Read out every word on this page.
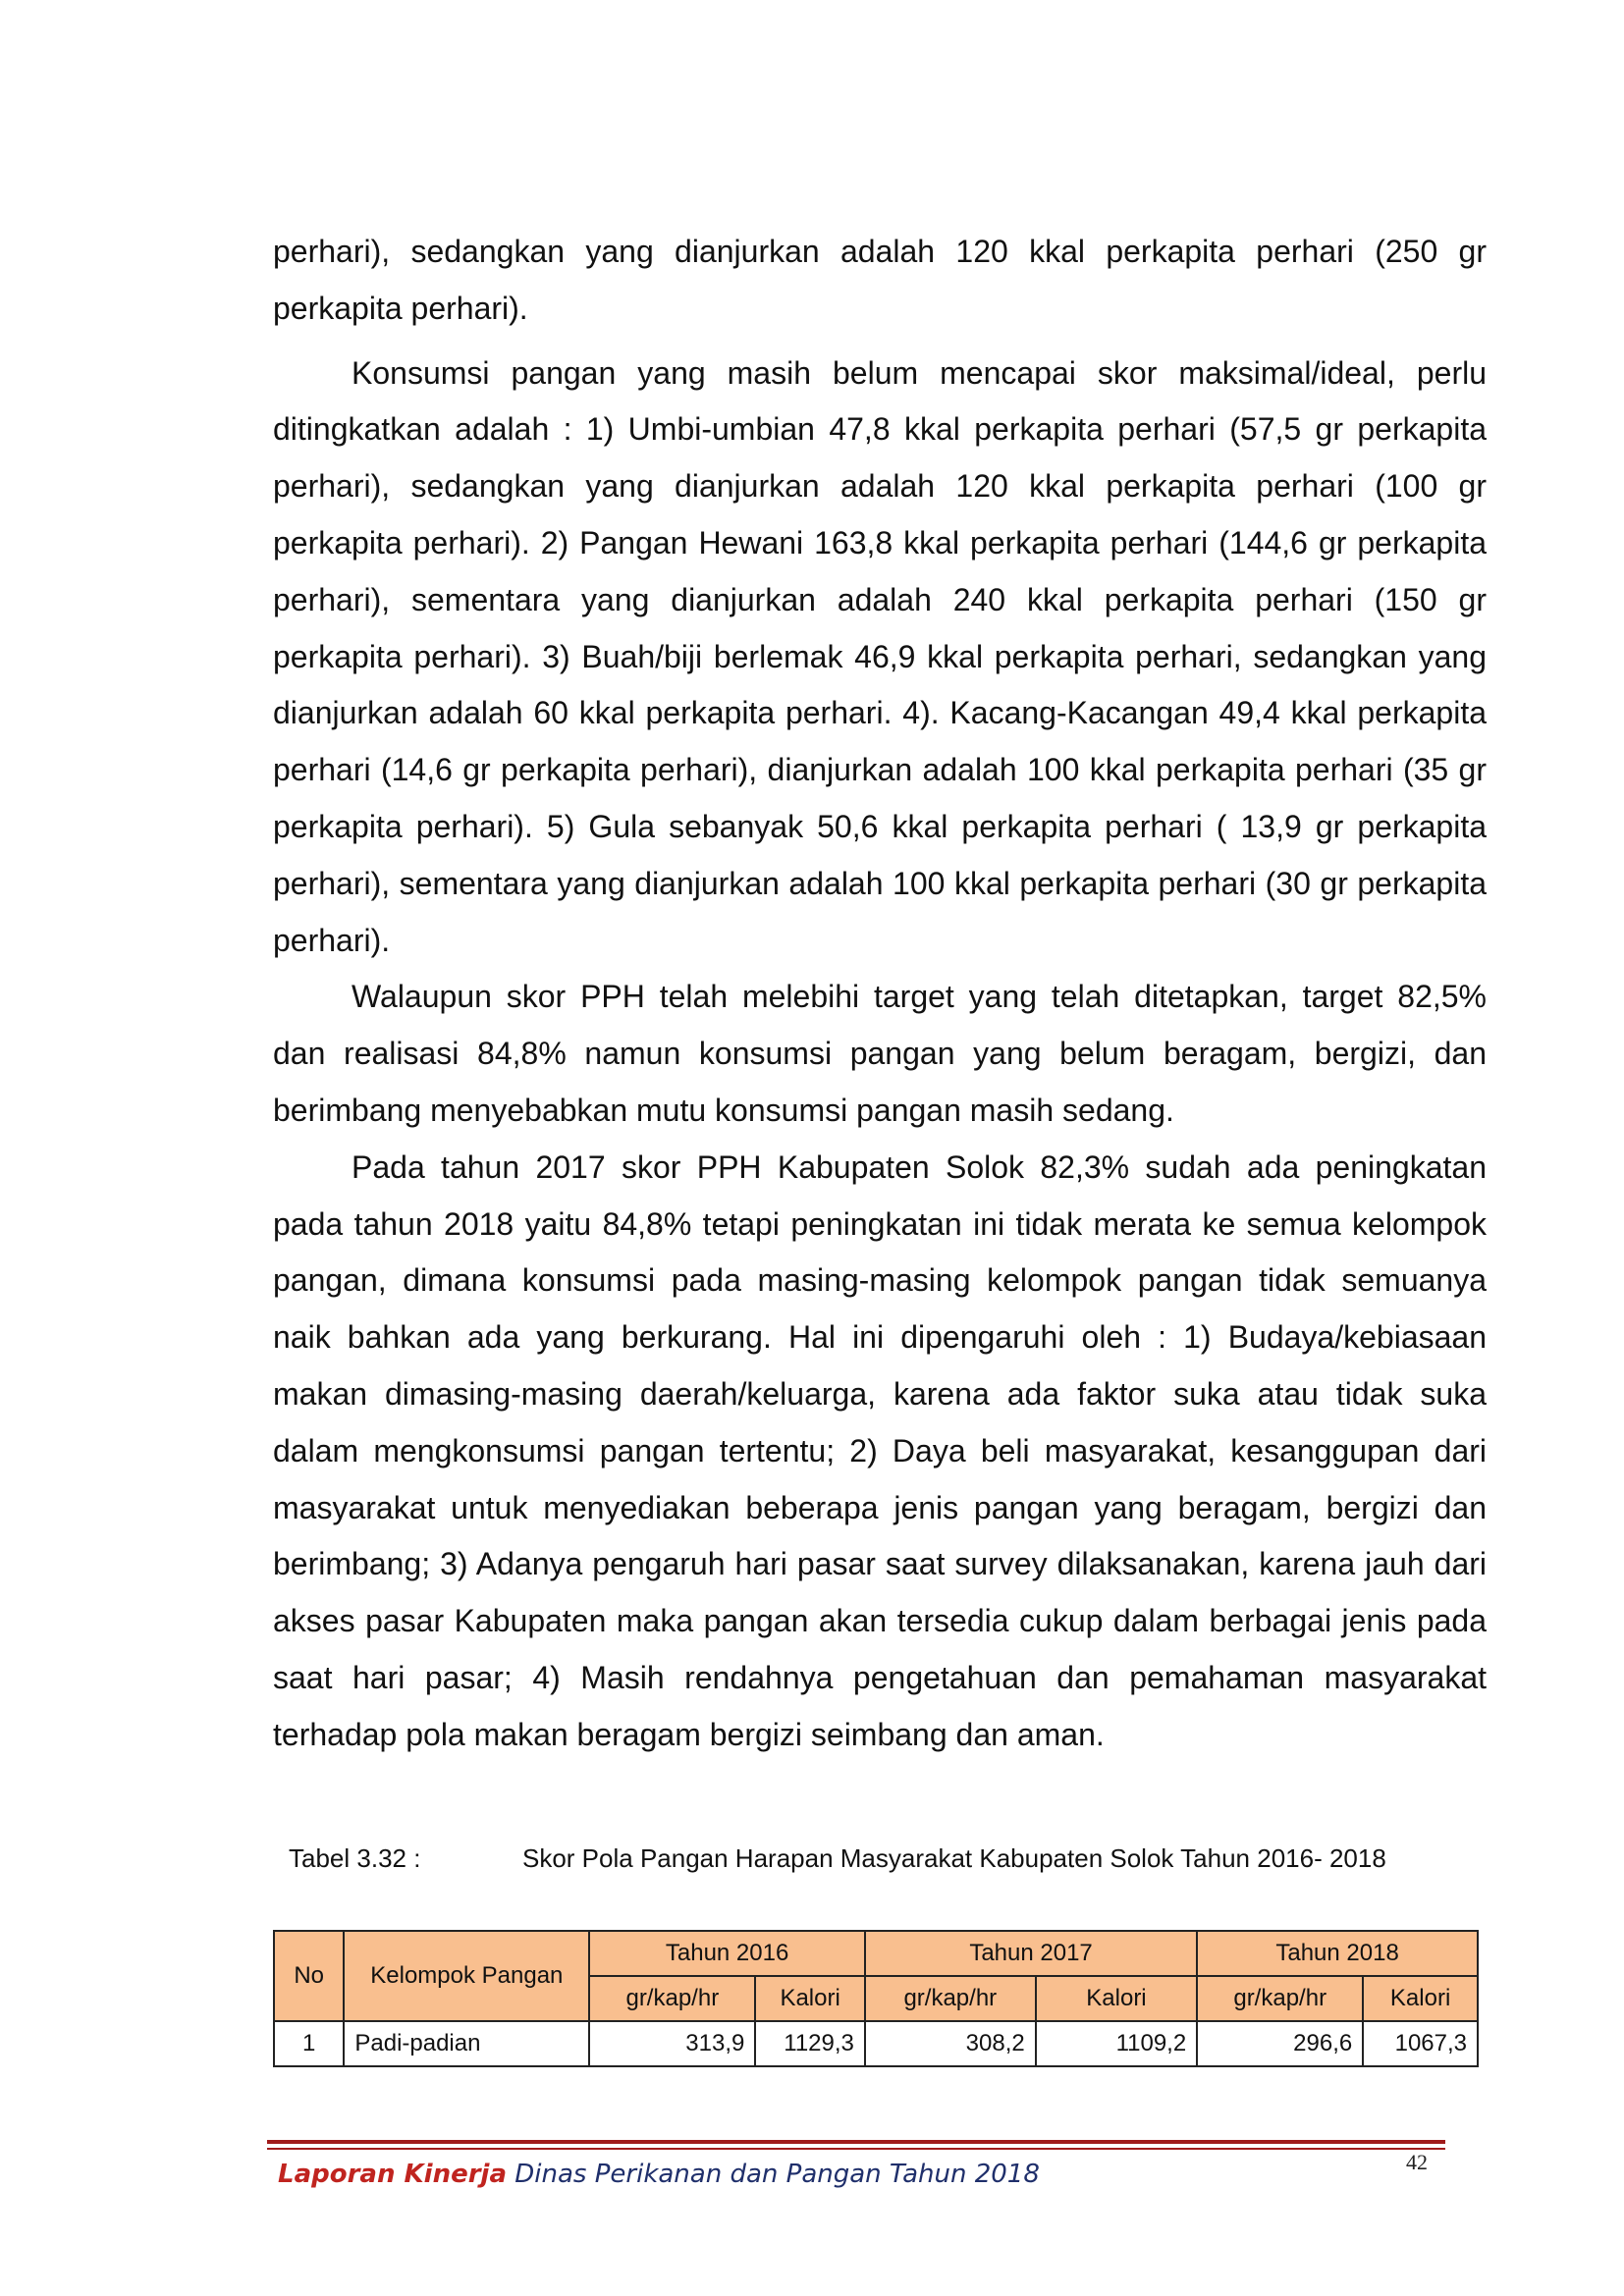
perhari), sedangkan yang dianjurkan adalah 120 kkal perkapita perhari (250 gr perkapita perhari).

Konsumsi pangan yang masih belum mencapai skor maksimal/ideal, perlu ditingkatkan adalah : 1) Umbi-umbian 47,8 kkal perkapita perhari (57,5 gr perkapita perhari), sedangkan yang dianjurkan adalah 120 kkal perkapita perhari (100 gr perkapita perhari). 2) Pangan Hewani 163,8 kkal perkapita perhari (144,6 gr perkapita perhari), sementara yang dianjurkan adalah 240 kkal perkapita perhari (150 gr perkapita perhari). 3) Buah/biji berlemak 46,9 kkal perkapita perhari, sedangkan yang dianjurkan adalah 60 kkal perkapita perhari. 4). Kacang-Kacangan 49,4 kkal perkapita perhari (14,6 gr perkapita perhari), dianjurkan adalah 100 kkal perkapita perhari (35 gr perkapita perhari). 5) Gula sebanyak 50,6 kkal perkapita perhari ( 13,9 gr perkapita perhari), sementara yang dianjurkan adalah 100 kkal perkapita perhari (30 gr perkapita perhari).

Walaupun skor PPH telah melebihi target yang telah ditetapkan, target 82,5% dan realisasi 84,8% namun konsumsi pangan yang belum beragam, bergizi, dan berimbang menyebabkan mutu konsumsi pangan masih sedang.

Pada tahun 2017 skor PPH Kabupaten Solok 82,3% sudah ada peningkatan pada tahun 2018 yaitu 84,8% tetapi peningkatan ini tidak merata ke semua kelompok pangan, dimana konsumsi pada masing-masing kelompok pangan tidak semuanya naik bahkan ada yang berkurang. Hal ini dipengaruhi oleh : 1) Budaya/kebiasaan makan dimasing-masing daerah/keluarga, karena ada faktor suka atau tidak suka dalam mengkonsumsi pangan tertentu; 2) Daya beli masyarakat, kesanggupan dari masyarakat untuk menyediakan beberapa jenis pangan yang beragam, bergizi dan berimbang; 3) Adanya pengaruh hari pasar saat survey dilaksanakan, karena jauh dari akses pasar Kabupaten maka pangan akan tersedia cukup dalam berbagai jenis pada saat hari pasar; 4) Masih rendahnya pengetahuan dan pemahaman masyarakat terhadap pola makan beragam bergizi seimbang dan aman.

Tabel 3.32 :	Skor Pola Pangan Harapan Masyarakat Kabupaten Solok Tahun 2016- 2018
No	Kelompok Pangan	Tahun 2016		Tahun 2017		Tahun 2018	
		gr/kap/hr	Kalori	gr/kap/hr	Kalori	gr/kap/hr	Kalori
1	Padi-padian	313,9	1129,3	308,2	1109,2	296,6	1067,3
Laporan Kinerja Dinas Perikanan dan Pangan Tahun 2018	42
